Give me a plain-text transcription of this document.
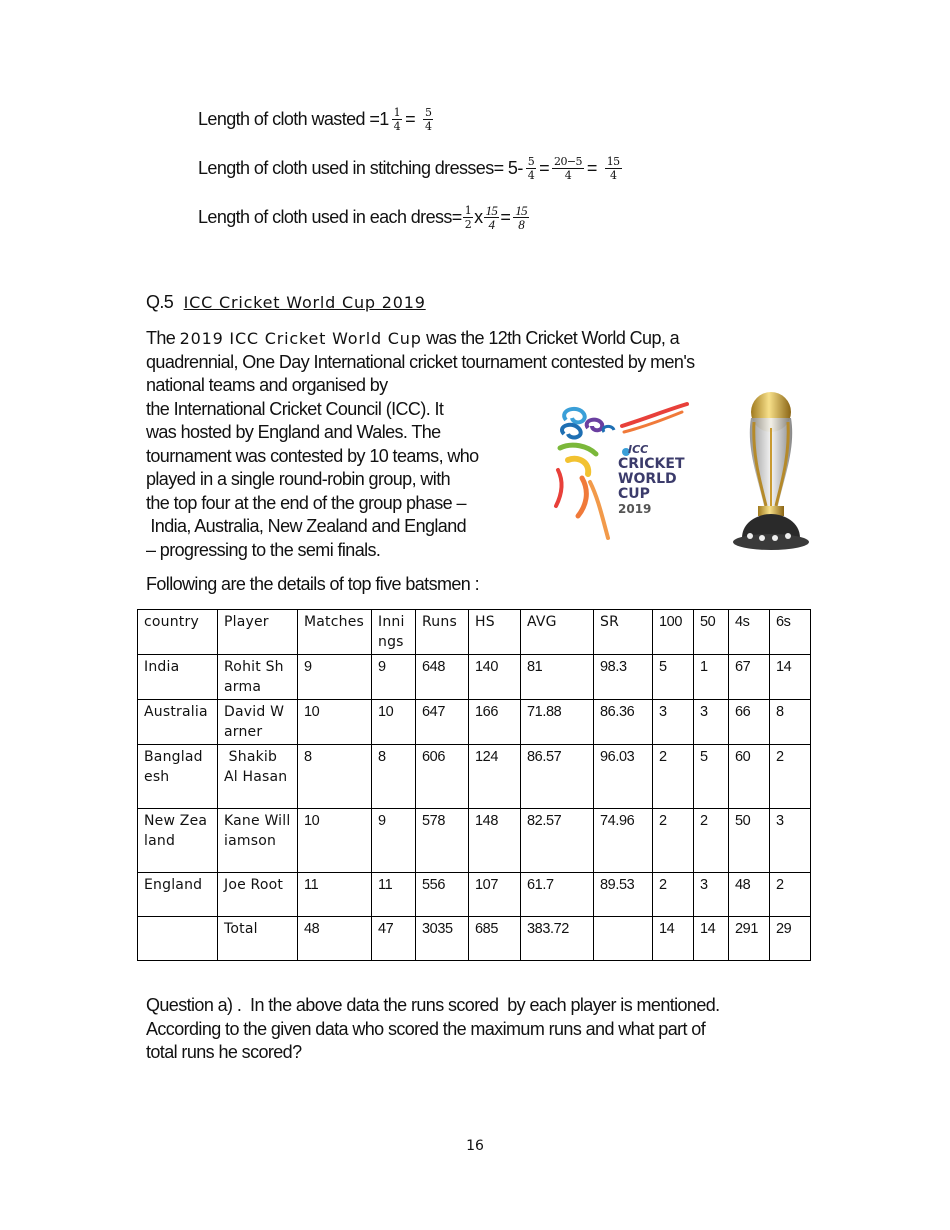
Length of cloth wasted $=1 \frac{1}{4} = \frac{5}{4}$
Length of cloth used in stitching dresses= $5- \frac{5}{4} = \frac{20-5}{4} = \frac{15}{4}$
Length of cloth used in each dress= $\frac{1}{2}$ x $\frac{15}{4} = \frac{15}{8}$
Q.5 ICC Cricket World Cup 2019
The 2019 ICC Cricket World Cup was the 12th Cricket World Cup, a
quadrennial, One Day International cricket tournament contested by men's
national teams and organised by
the International Cricket Council (ICC). It
was hosted by England and Wales. The
tournament was contested by 10 teams, who
played in a single round-robin group, with
the top four at the end of the group phase –
India, Australia, New Zealand and England
– progressing to the semi finals.
ICC
CRICKET
WORLD
CUP
2019
Following are the details of top five batsmen :
country	Player	Matches	Innings	Runs	HS	AVG	SR	100	50	4s	6s
India	Rohit Sharma	9	9	648	140	81	98.3	5	1	67	14
Australia	David Warner	10	10	647	166	71.88	86.36	3	3	66	8
Bangladesh	Shakib Al Hasan	8	8	606	124	86.57	96.03	2	5	60	2
New Zealand	Kane Williamson	10	9	578	148	82.57	74.96	2	2	50	3
England	Joe Root	11	11	556	107	61.7	89.53	2	3	48	2
	Total	48	47	3035	685	383.72		14	14	291	29
Question a) .  In the above data the runs scored  by each player is mentioned.
According to the given data who scored the maximum runs and what part of
total runs he scored?
16
